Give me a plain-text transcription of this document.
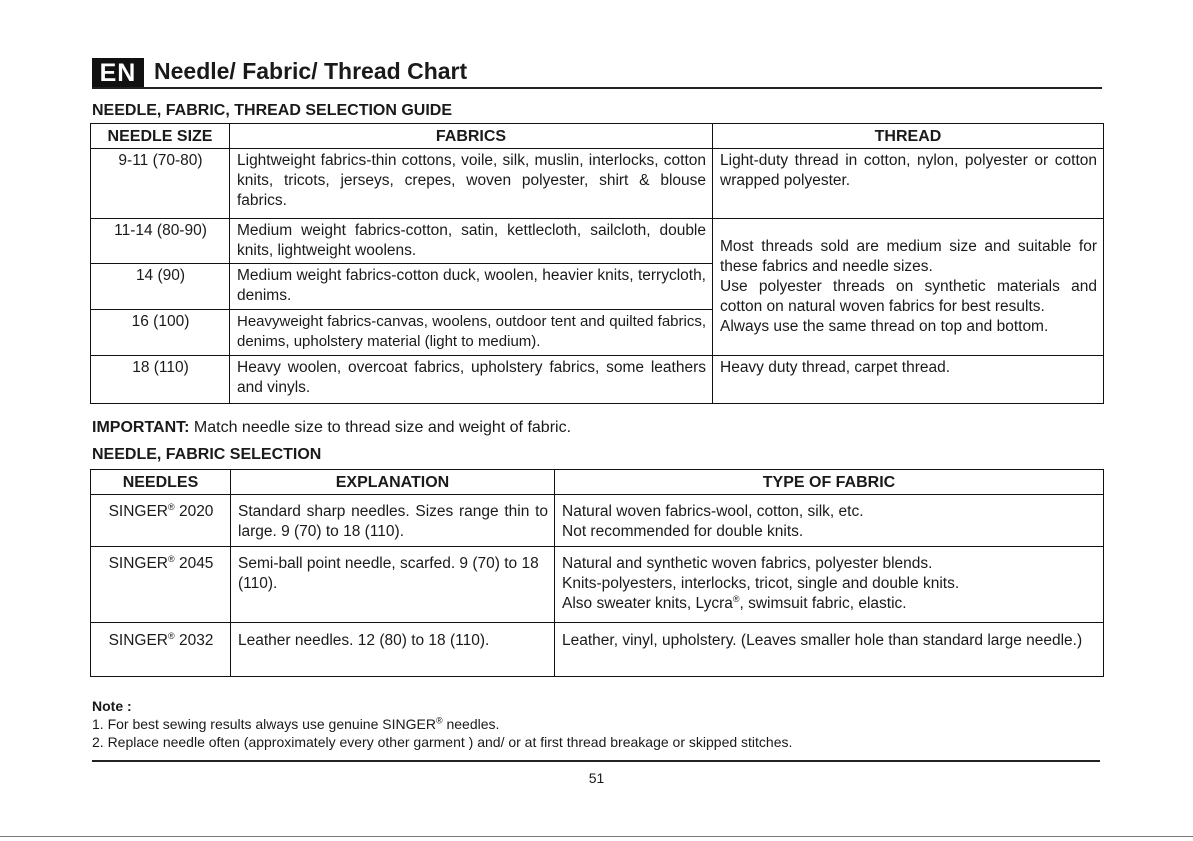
EN Needle/ Fabric/ Thread Chart
NEEDLE, FABRIC, THREAD SELECTION GUIDE
NEEDLE SIZE	FABRICS	THREAD
9-11 (70-80)	Lightweight fabrics-thin cottons, voile, silk, muslin, interlocks, cotton knits, tricots, jerseys, crepes, woven polyester, shirt & blouse fabrics.	Light-duty thread in cotton, nylon, polyester or cotton wrapped polyester.
11-14 (80-90)	Medium weight fabrics-cotton, satin, kettlecloth, sailcloth, double knits, lightweight woolens.	Most threads sold are medium size and suitable for these fabrics and needle sizes.
Use polyester threads on synthetic materials and cotton on natural woven fabrics for best results.
Always use the same thread on top and bottom.

14 (90)	Medium weight fabrics-cotton duck, woolen, heavier knits, terrycloth, denims.	
16 (100)	Heavyweight fabrics-canvas, woolens, outdoor tent and quilted fabrics, denims, upholstery material (light to medium).	
18 (110)	Heavy woolen, overcoat fabrics, upholstery fabrics, some leathers and vinyls.	Heavy duty thread, carpet thread.
IMPORTANT: Match needle size to thread size and weight of fabric.
NEEDLE, FABRIC SELECTION
NEEDLES	EXPLANATION	TYPE OF FABRIC
SINGER® 2020	Standard sharp needles. Sizes range thin to large. 9 (70) to 18 (110).	Natural woven fabrics-wool, cotton, silk, etc.
Not recommended for double knits.

SINGER® 2045	Semi-ball point needle, scarfed. 9 (70) to 18 (110).	Natural and synthetic woven fabrics, polyester blends.
Knits-polyesters, interlocks, tricot, single and double knits.
Also sweater knits, Lycra®, swimsuit fabric, elastic.

SINGER® 2032	Leather needles. 12 (80) to 18 (110).	Leather, vinyl, upholstery. (Leaves smaller hole than standard large needle.)
Note :
1. For best sewing results always use genuine SINGER® needles.
2. Replace needle often (approximately every other garment ) and/ or at first thread breakage or skipped stitches.
51
